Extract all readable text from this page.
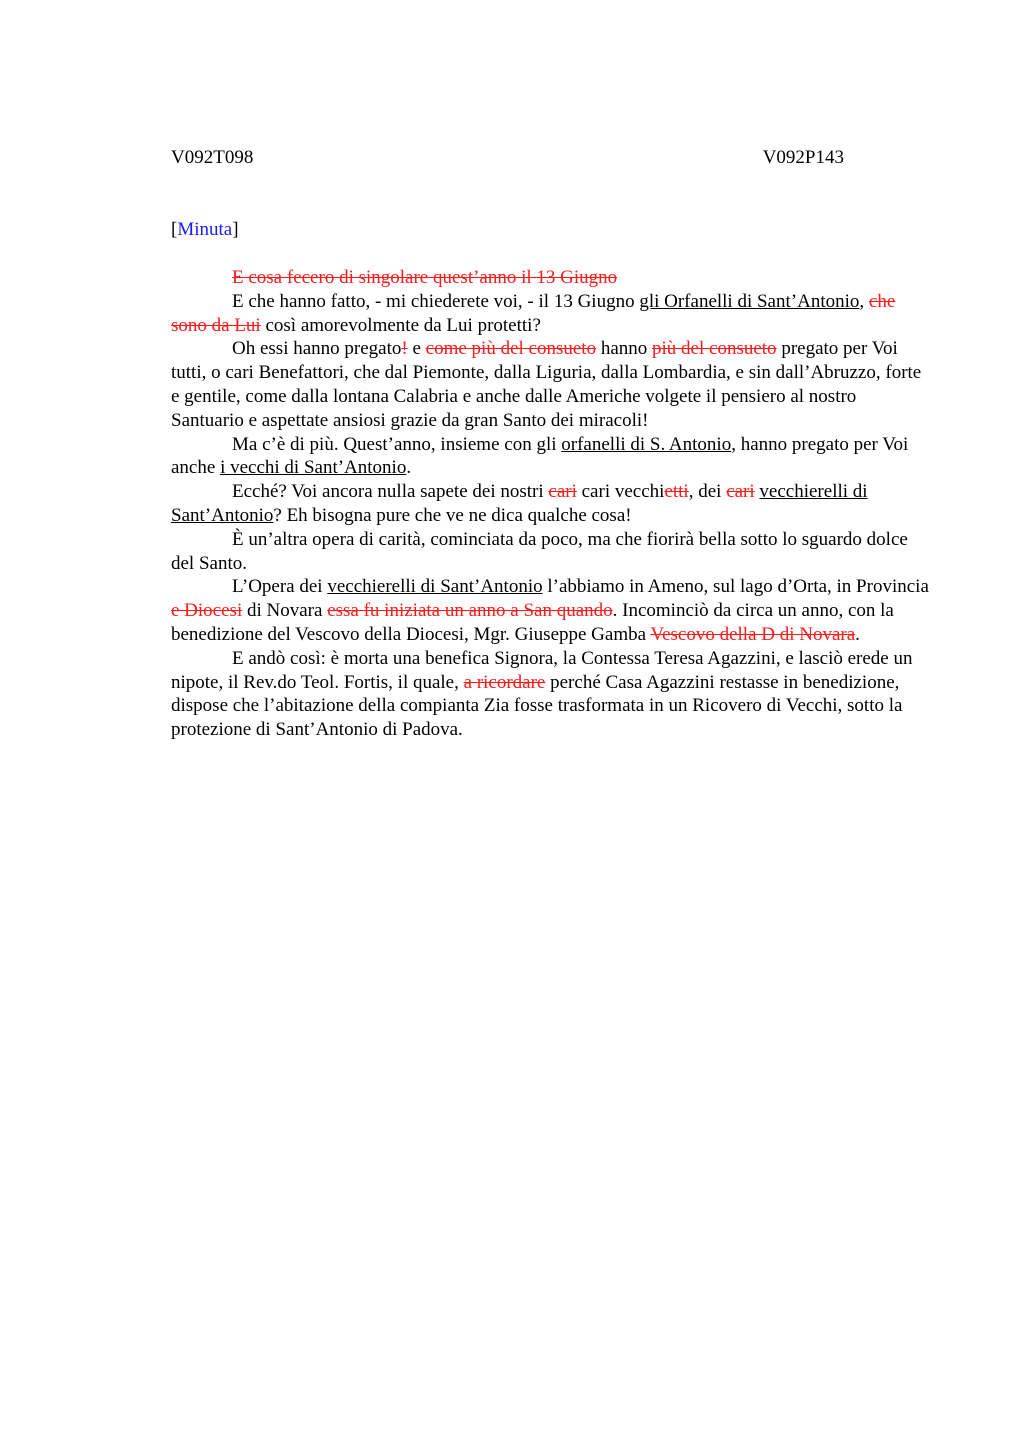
V092T098	V092P143
[Minuta]

E cosa fecero di singolare quest’anno il 13 Giugno

E che hanno fatto, - mi chiederete voi, - il 13 Giugno gli Orfanelli di Sant’Antonio, che sono da Lui così amorevolmente da Lui protetti?

Oh essi hanno pregato! e come più del consueto hanno più del consueto pregato per Voi tutti, o cari Benefattori, che dal Piemonte, dalla Liguria, dalla Lombardia, e sin dall’Abruzzo, forte e gentile, come dalla lontana Calabria e anche dalle Americhe volgete il pensiero al nostro Santuario e aspettate ansiosi grazie da gran Santo dei miracoli!

Ma c’è di più. Quest’anno, insieme con gli orfanelli di S. Antonio, hanno pregato per Voi anche i vecchi di Sant’Antonio.

Ecché? Voi ancora nulla sapete dei nostri cari cari vecchietti, dei cari vecchierelli di Sant’Antonio? Eh bisogna pure che ve ne dica qualche cosa!

È un’altra opera di carità, cominciata da poco, ma che fiorirà bella sotto lo sguardo dolce del Santo.

L’Opera dei vecchierelli di Sant’Antonio l’abbiamo in Ameno, sul lago d’Orta, in Provincia e Diocesi di Novara essa fu iniziata un anno a San quando. Incominciò da circa un anno, con la benedizione del Vescovo della Diocesi, Mgr. Giuseppe Gamba Vescovo della D di Novara.

E andò così: è morta una benefica Signora, la Contessa Teresa Agazzini, e lasciò erede un nipote, il Rev.do Teol. Fortis, il quale, a ricordare perché Casa Agazzini restasse in benedizione, dispose che l’abitazione della compianta Zia fosse trasformata in un Ricovero di Vecchi, sotto la protezione di Sant’Antonio di Padova.
